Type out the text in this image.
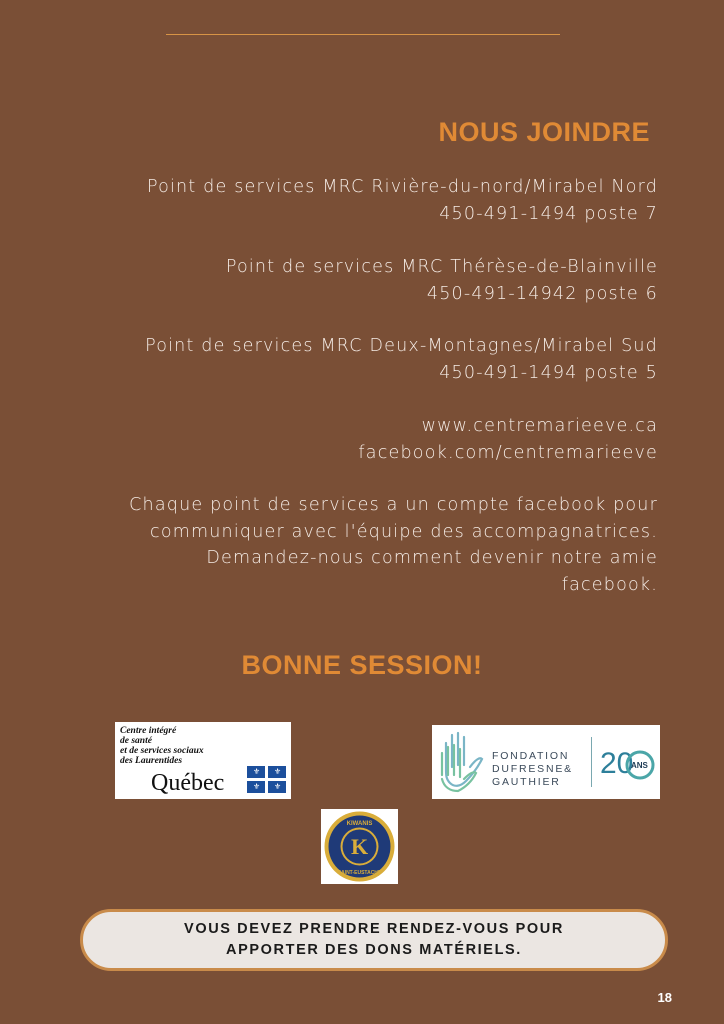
NOUS JOINDRE

Point de services MRC Rivière-du-nord/Mirabel Nord

450-491-1494 poste 7

Point de services MRC Thérèse-de-Blainville

450-491-14942 poste 6

Point de services MRC Deux-Montagnes/Mirabel Sud

450-491-1494 poste 5

www.centremarieeve.ca

facebook.com/centremarieeve

Chaque point de services a un compte facebook pour

communiquer avec l'équipe des accompagnatrices.

Demandez-nous comment devenir notre amie

facebook.

BONNE SESSION!
Centre intégré
de santé
et de services sociaux
des Laurentides
Québec	⚜ ⚜
⚜ ⚜
FONDATION
DUFRESNE&
GAUTHIER
20
ANS
K
KIWANIS
SAINT-EUSTACHE

VOUS DEVEZ PRENDRE RENDEZ-VOUS POUR

APPORTER DES DONS MATÉRIELS.

18
